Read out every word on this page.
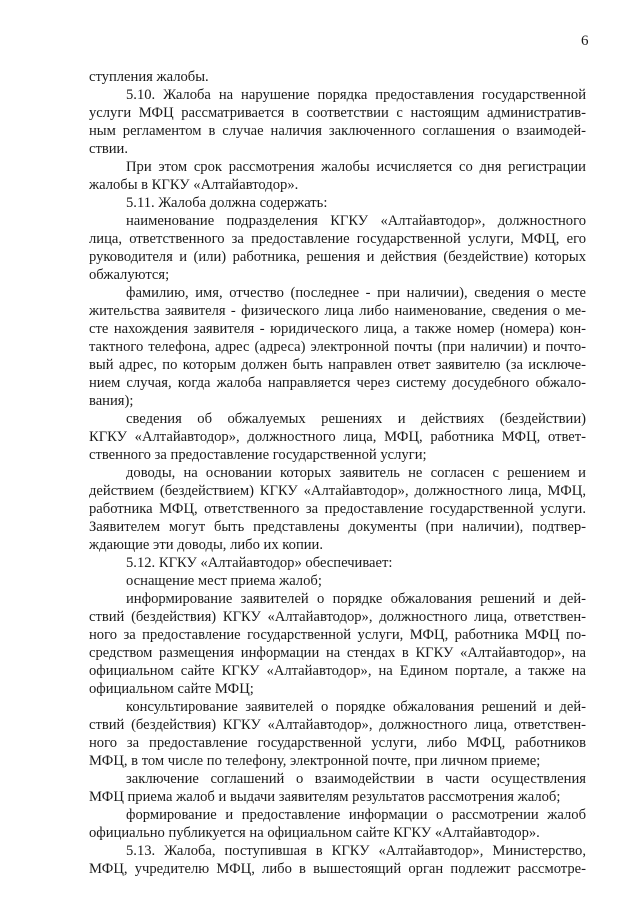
6
ступления жалобы.
5.10. Жалоба на нарушение порядка предоставления государственной
услуги МФЦ рассматривается в соответствии с настоящим административ-
ным регламентом в случае наличия заключенного соглашения о взаимодей-
ствии.
При этом срок рассмотрения жалобы исчисляется со дня регистрации
жалобы в КГКУ «Алтайавтодор».
5.11. Жалоба должна содержать:
наименование подразделения КГКУ «Алтайавтодор», должностного
лица, ответственного за предоставление государственной услуги, МФЦ, его
руководителя и (или) работника, решения и действия (бездействие) которых
обжалуются;
фамилию, имя, отчество (последнее - при наличии), сведения о месте
жительства заявителя - физического лица либо наименование, сведения о ме-
сте нахождения заявителя - юридического лица, а также номер (номера) кон-
тактного телефона, адрес (адреса) электронной почты (при наличии) и почто-
вый адрес, по которым должен быть направлен ответ заявителю (за исключе-
нием случая, когда жалоба направляется через систему досудебного обжало-
вания);
сведения об обжалуемых решениях и действиях (бездействии)
КГКУ «Алтайавтодор», должностного лица, МФЦ, работника МФЦ, ответ-
ственного за предоставление государственной услуги;
доводы, на основании которых заявитель не согласен с решением и
действием (бездействием) КГКУ «Алтайавтодор», должностного лица, МФЦ,
работника МФЦ, ответственного за предоставление государственной услуги.
Заявителем могут быть представлены документы (при наличии), подтвер-
ждающие эти доводы, либо их копии.
5.12. КГКУ «Алтайавтодор» обеспечивает:
оснащение мест приема жалоб;
информирование заявителей о порядке обжалования решений и дей-
ствий (бездействия) КГКУ «Алтайавтодор», должностного лица, ответствен-
ного за предоставление государственной услуги, МФЦ, работника МФЦ по-
средством размещения информации на стендах в КГКУ «Алтайавтодор», на
официальном сайте КГКУ «Алтайавтодор», на Едином портале, а также на
официальном сайте МФЦ;
консультирование заявителей о порядке обжалования решений и дей-
ствий (бездействия) КГКУ «Алтайавтодор», должностного лица, ответствен-
ного за предоставление государственной услуги, либо МФЦ, работников
МФЦ, в том числе по телефону, электронной почте, при личном приеме;
заключение соглашений о взаимодействии в части осуществления
МФЦ приема жалоб и выдачи заявителям результатов рассмотрения жалоб;
формирование и предоставление информации о рассмотрении жалоб
официально публикуется на официальном сайте КГКУ «Алтайавтодор».
5.13. Жалоба, поступившая в КГКУ «Алтайавтодор», Министерство,
МФЦ, учредителю МФЦ, либо в вышестоящий орган подлежит рассмотре-
